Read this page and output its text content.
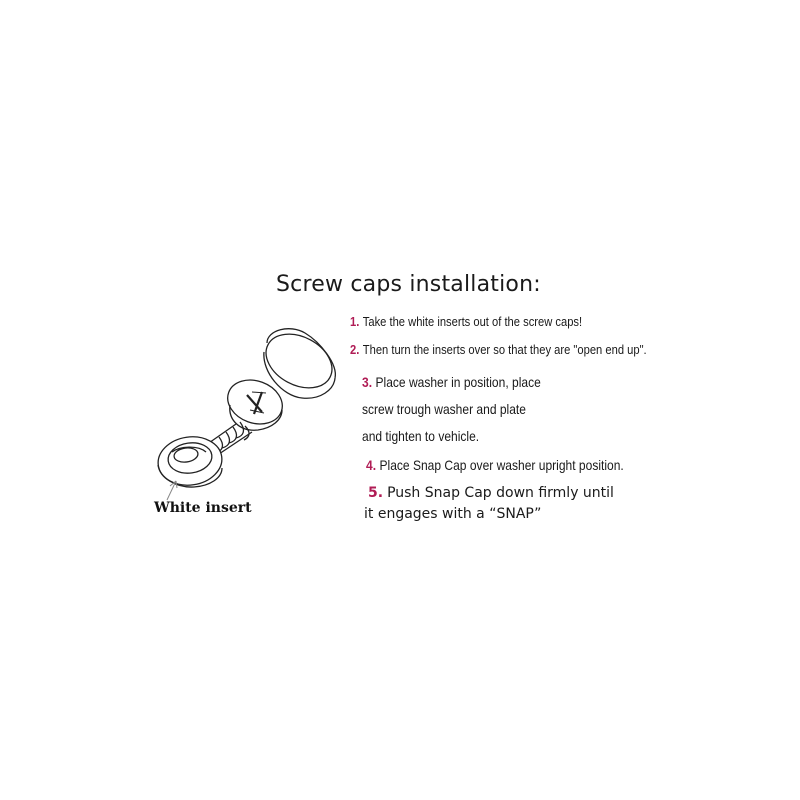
Screw caps installation:
1. Take the white inserts out of the screw caps!
2. Then turn the inserts over so that they are "open end up".
3. Place washer in position, place
screw trough washer and plate
and tighten to vehicle.
4. Place Snap Cap over washer upright position.
5. Push Snap Cap down firmly until
it engages with a “SNAP”
White insert
